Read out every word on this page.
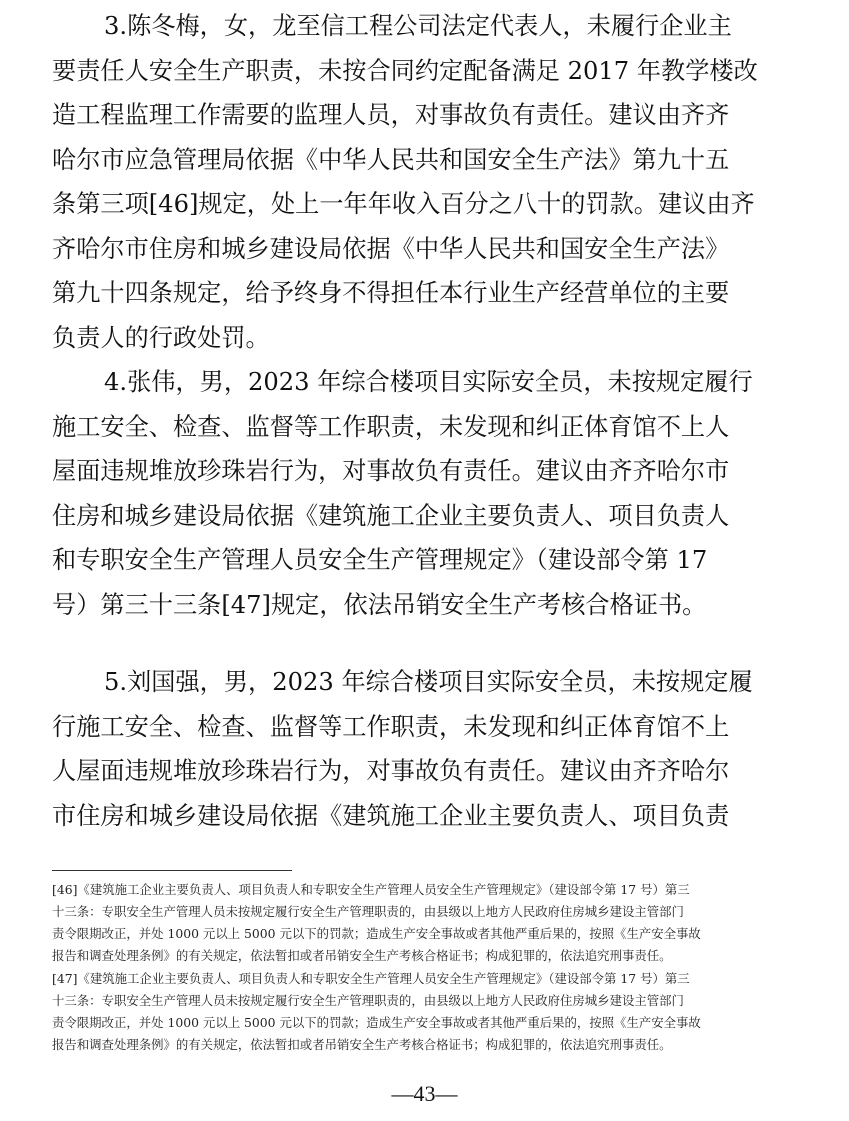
3.陈冬梅，女，龙至信工程公司法定代表人，未履行企业主
要责任人安全生产职责，未按合同约定配备满足 2017 年教学楼改
造工程监理工作需要的监理人员，对事故负有责任。建议由齐齐
哈尔市应急管理局依据《中华人民共和国安全生产法》第九十五
条第三项[46]规定，处上一年年收入百分之八十的罚款。建议由齐
齐哈尔市住房和城乡建设局依据《中华人民共和国安全生产法》
第九十四条规定，给予终身不得担任本行业生产经营单位的主要
负责人的行政处罚。
4.张伟，男，2023 年综合楼项目实际安全员，未按规定履行
施工安全、检查、监督等工作职责，未发现和纠正体育馆不上人
屋面违规堆放珍珠岩行为，对事故负有责任。建议由齐齐哈尔市
住房和城乡建设局依据《建筑施工企业主要负责人、项目负责人
和专职安全生产管理人员安全生产管理规定》（建设部令第 17
号）第三十三条[47]规定，依法吊销安全生产考核合格证书。
5.刘国强，男，2023 年综合楼项目实际安全员，未按规定履
行施工安全、检查、监督等工作职责，未发现和纠正体育馆不上
人屋面违规堆放珍珠岩行为，对事故负有责任。建议由齐齐哈尔
市住房和城乡建设局依据《建筑施工企业主要负责人、项目负责
[46]《建筑施工企业主要负责人、项目负责人和专职安全生产管理人员安全生产管理规定》（建设部令第 17 号）第三
十三条：专职安全生产管理人员未按规定履行安全生产管理职责的，由县级以上地方人民政府住房城乡建设主管部门
责令限期改正，并处 1000 元以上 5000 元以下的罚款；造成生产安全事故或者其他严重后果的，按照《生产安全事故
报告和调查处理条例》的有关规定，依法暂扣或者吊销安全生产考核合格证书；构成犯罪的，依法追究刑事责任。
[47]《建筑施工企业主要负责人、项目负责人和专职安全生产管理人员安全生产管理规定》（建设部令第 17 号）第三
十三条：专职安全生产管理人员未按规定履行安全生产管理职责的，由县级以上地方人民政府住房城乡建设主管部门
责令限期改正，并处 1000 元以上 5000 元以下的罚款；造成生产安全事故或者其他严重后果的，按照《生产安全事故
报告和调查处理条例》的有关规定，依法暂扣或者吊销安全生产考核合格证书；构成犯罪的，依法追究刑事责任。
—43—
